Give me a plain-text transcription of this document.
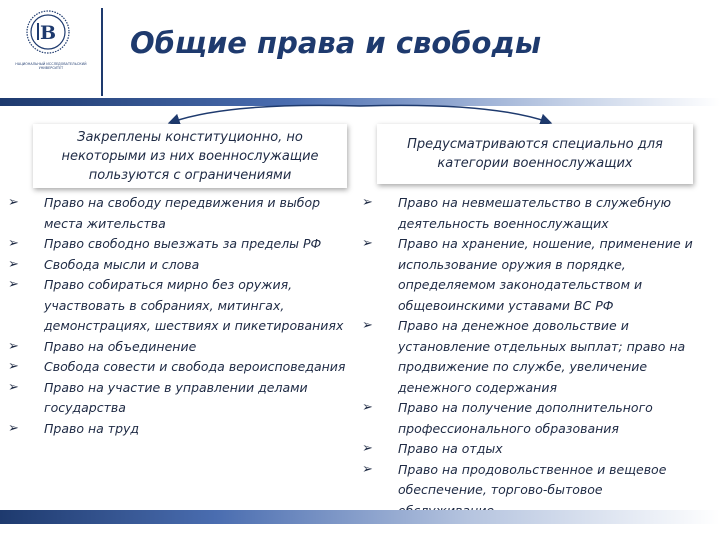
В
НАЦИОНАЛЬНЫЙ ИССЛЕДОВАТЕЛЬСКИЙ УНИВЕРСИТЕТ
Общие права и свободы
Закреплены конституционно, но некоторыми из них военнослужащие пользуются с ограничениями
Предусматриваются специально для категории военнослужащих
➢ Право на свободу передвижения и выбор места жительства
➢ Право свободно выезжать за пределы РФ
➢ Свобода мысли и слова
➢ Право собираться мирно без оружия, участвовать в собраниях, митингах, демонстрациях, шествиях и пикетированиях
➢ Право на объединение
➢ Свобода совести и свобода вероисповедания
➢ Право на участие в управлении делами государства
➢ Право на труд
➢ Право на невмешательство в служебную деятельность военнослужащих
➢ Право на хранение, ношение, применение и использование оружия в порядке, определяемом законодательством и общевоинскими уставами ВС РФ
➢ Право на денежное довольствие и установление отдельных выплат; право на продвижение по службе, увеличение денежного содержания
➢ Право на получение дополнительного профессионального образования
➢ Право на отдых
➢ Право на продовольственное и вещевое обеспечение, торгово-бытовое
